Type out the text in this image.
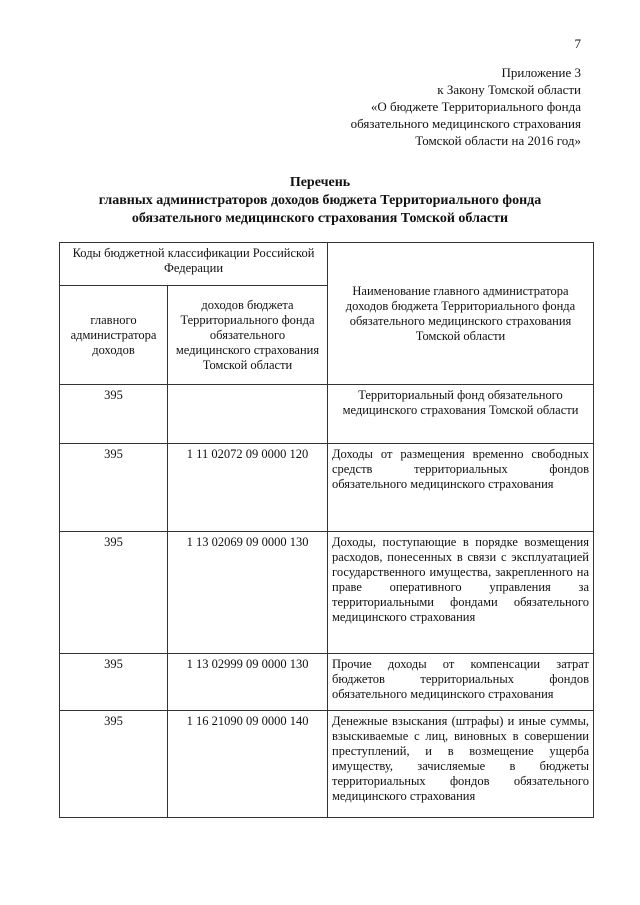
7
Приложение 3
к Закону Томской области
«О бюджете Территориального фонда
обязательного медицинского страхования
Томской области на 2016 год»
Перечень
главных администраторов доходов бюджета Территориального фонда
обязательного медицинского страхования Томской области
Коды бюджетной классификации Российской Федерации		Наименование главного администратора доходов бюджета Территориального фонда обязательного медицинского страхования Томской области
главного администратора доходов	доходов бюджета Территориального фонда обязательного медицинского страхования Томской области	
395		Территориальный фонд обязательного медицинского страхования Томской области
395	1 11 02072 09 0000 120	Доходы от размещения временно свободных средств территориальных фондов обязательного медицинского страхования
395	1 13 02069 09 0000 130	Доходы, поступающие в порядке возмещения расходов, понесенных в связи с эксплуатацией государственного имущества, закрепленного на праве оперативного управления за территориальными фондами обязательного медицинского страхования
395	1 13 02999 09 0000 130	Прочие доходы от компенсации затрат бюджетов территориальных фондов обязательного медицинского страхования
395	1 16 21090 09 0000 140	Денежные взыскания (штрафы) и иные суммы, взыскиваемые с лиц, виновных в совершении преступлений, и в возмещение ущерба имуществу, зачисляемые в бюджеты территориальных фондов обязательного медицинского страхования
